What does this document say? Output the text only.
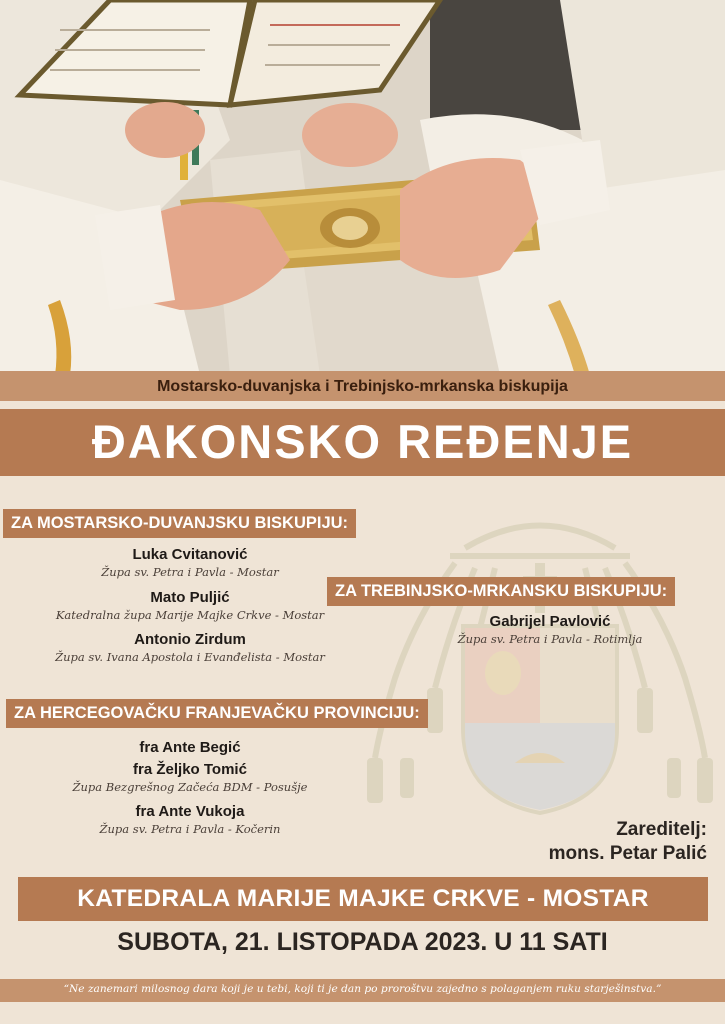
Mostarsko-duvanjska i Trebinjsko-mrkanska biskupija
ĐAKONSKO REĐENJE
ZA MOSTARSKO-DUVANJSKU BISKUPIJU:
Luka Cvitanović
Župa sv. Petra i Pavla - Mostar
Mato Puljić
Katedralna župa Marije Majke Crkve - Mostar
Antonio Zirdum
Župa sv. Ivana Apostola i Evanđelista - Mostar
ZA TREBINJSKO-MRKANSKU BISKUPIJU:
Gabrijel Pavlović
Župa sv. Petra i Pavla - Rotimlja
ZA HERCEGOVAČKU FRANJEVAČKU PROVINCIJU:
fra Ante Begić
fra Željko Tomić
Župa Bezgrešnog Začeća BDM - Posušje
fra Ante Vukoja
Župa sv. Petra i Pavla - Kočerin	Zareditelj:
mons. Petar Palić
KATEDRALA MARIJE MAJKE CRKVE - MOSTAR
SUBOTA, 21. LISTOPADA 2023. U 11 SATI
“Ne zanemari milosnog dara koji je u tebi, koji ti je dan po proroštvu zajedno s polaganjem ruku starješinstva.”
